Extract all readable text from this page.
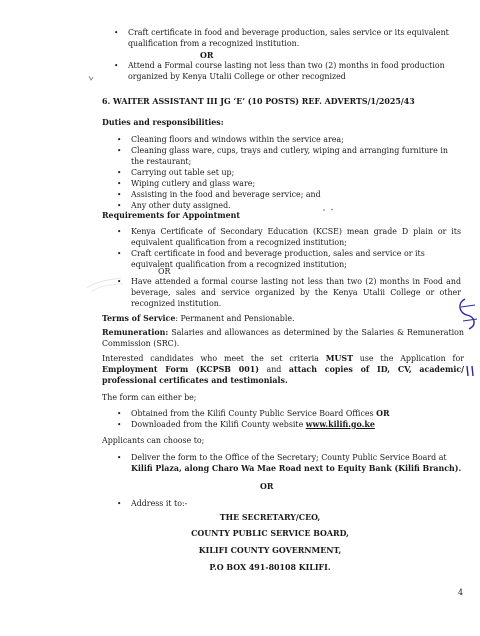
• Craft certificate in food and beverage production, sales service or its equivalent qualification from a recognized institution.
OR
• Attend a Formal course lasting not less than two (2) months in food production organized by Kenya Utalii College or other recognized
6. WAITER ASSISTANT III JG ‘E’ (10 POSTS) REF. ADVERTS/1/2025/43
Duties and responsibilities:
• Cleaning floors and windows within the service area;
• Cleaning glass ware, cups, trays and cutlery, wiping and arranging furniture in the restaurant;
• Carrying out table set up;
• Wiping cutlery and glass ware;
• Assisting in the food and beverage service; and
• Any other duty assigned.
Requirements for Appointment
• Kenya Certificate of Secondary Education (KCSE) mean grade D plain or its equivalent qualification from a recognized institution;
• Craft certificate in food and beverage production, sales and service or its equivalent qualification from a recognized institution;
OR
• Have attended a formal course lasting not less than two (2) months in Food and beverage, sales and service organized by the Kenya Utalii College or other recognized institution.
Terms of Service: Permanent and Pensionable.
Remuneration: Salaries and allowances as determined by the Salaries & Remuneration Commission (SRC).
Interested candidates who meet the set criteria MUST use the Application for Employment Form (KCPSB 001) and attach copies of ID, CV, academic/ professional certificates and testimonials.
The form can either be;
• Obtained from the Kilifi County Public Service Board Offices OR
• Downloaded from the Kilifi County website www.kilifi.go.ke
Applicants can choose to;
• Deliver the form to the Office of the Secretary; County Public Service Board at Kilifi Plaza, along Charo Wa Mae Road next to Equity Bank (Kilifi Branch).
OR
• Address it to:-
THE SECRETARY/CEO,
COUNTY PUBLIC SERVICE BOARD,
KILIFI COUNTY GOVERNMENT,
P.O BOX 491-80108 KILIFI.
4
